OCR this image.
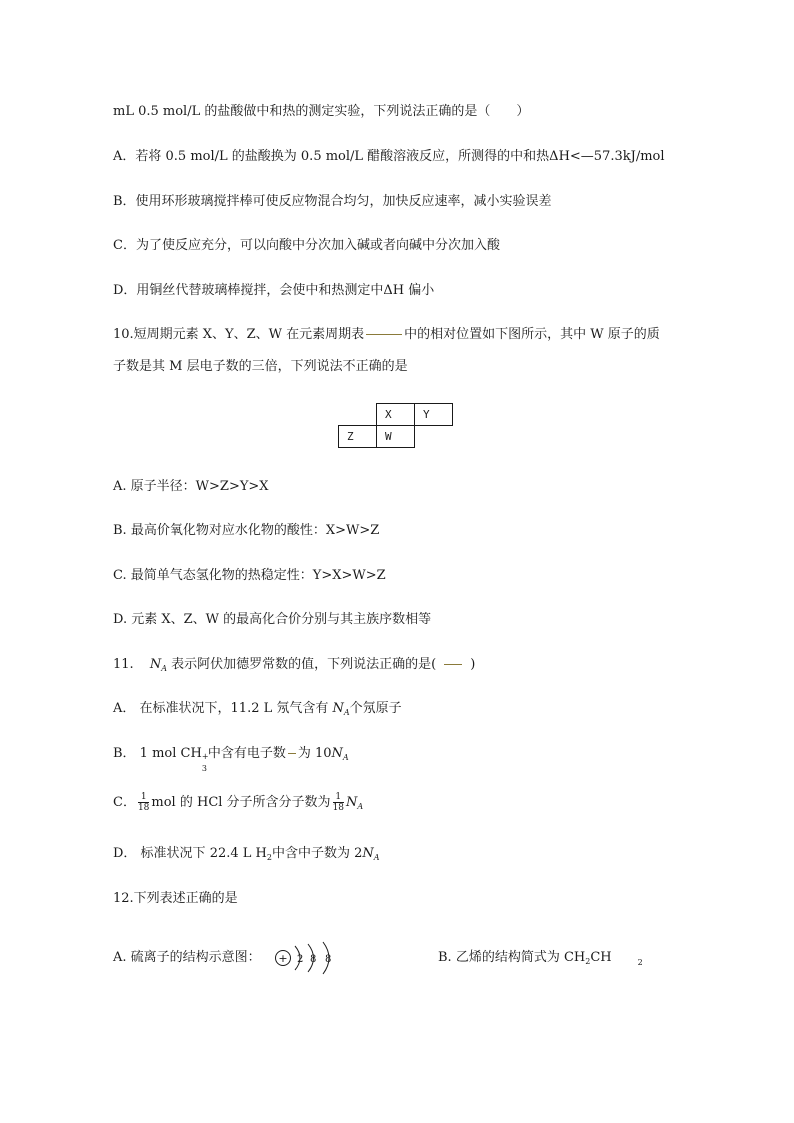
mL 0.5 mol/L 的盐酸做中和热的测定实验，下列说法正确的是（　　）
A．若将 0.5 mol/L 的盐酸换为 0.5 mol/L 醋酸溶液反应，所测得的中和热ΔH<—57.3kJ/mol
B．使用环形玻璃搅拌棒可使反应物混合均匀，加快反应速率，减小实验误差
C．为了使反应充分，可以向酸中分次加入碱或者向碱中分次加入酸
D．用铜丝代替玻璃棒搅拌，会使中和热测定中ΔH 偏小
10.短周期元素 X、Y、Z、W 在元素周期表	中的相对位置如下图所示，其中 W 原子的质
子数是其 M 层电子数的三倍，下列说法不正确的是
	X	Y
Z	W	
A. 原子半径：W>Z>Y>X
B. 最高价氧化物对应水化物的酸性：X>W>Z
C. 最简单气态氢化物的热稳定性：Y>X>W>Z
D. 元素 X、Z、W 的最高化合价分别与其主族序数相等
11. $N_A$ 表示阿伏加德罗常数的值，下列说法正确的是(	)
A． 在标准状况下，11.2 L 氖气含有 $N_A$个氖原子
B． 1 mol CH +
3
中含有电子数 为 $10N_A$
C． $\frac{1}{18}$ mol 的 HCl 分子所含分子数为 $\frac{1}{18} N_A$
D． 标准状况下 22.4 L $H_2$中含中子数为 $2N_A$
12.下列表述正确的是
A. 硫离子的结构示意图： + 2 8 8	B. 乙烯的结构简式为 $CH_2CH$	2
